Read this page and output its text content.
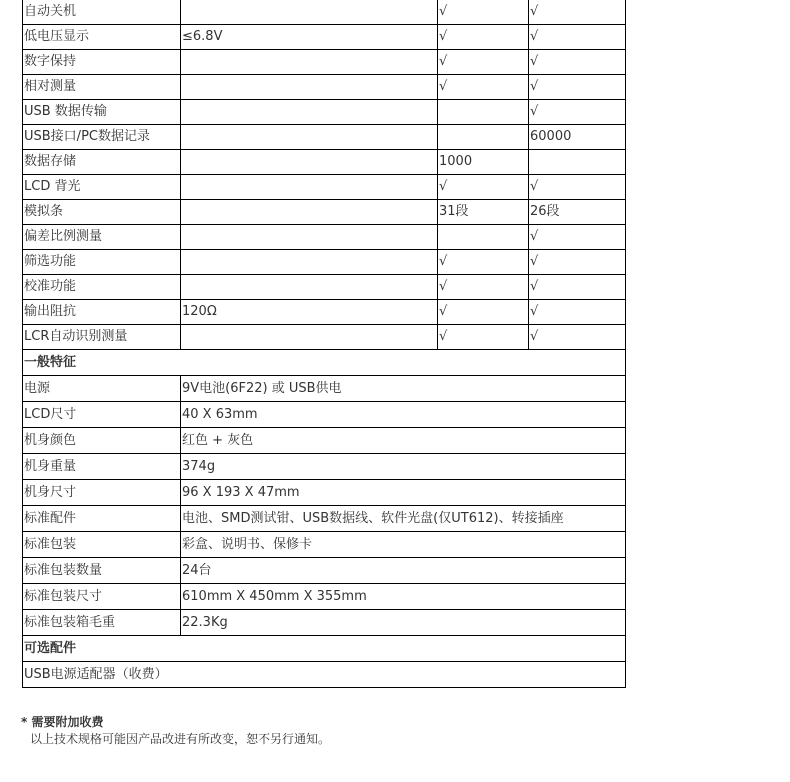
自动关机		√	√
低电压显示	≤6.8V	√	√
数字保持		√	√
相对测量		√	√
USB 数据传输			√
USB接口/PC数据记录			60000
数据存储		1000	
LCD 背光		√	√
模拟条		31段	26段
偏差比例测量			√
筛选功能		√	√
校准功能		√	√
输出阻抗	120Ω	√	√
LCR自动识别测量		√	√
一般特征			
电源	9V电池(6F22) 或 USB供电		
LCD尺寸	40 X 63mm		
机身颜色	红色 + 灰色		
机身重量	374g		
机身尺寸	96 X 193 X 47mm		
标准配件	电池、SMD测试钳、USB数据线、软件光盘(仅UT612)、转接插座		
标准包装	彩盒、说明书、保修卡		
标准包装数量	24台		
标准包装尺寸	610mm X 450mm X 355mm		
标准包装箱毛重	22.3Kg		
可选配件			
USB电源适配器（收费）			
* 需要附加收费
以上技术规格可能因产品改进有所改变，恕不另行通知。
